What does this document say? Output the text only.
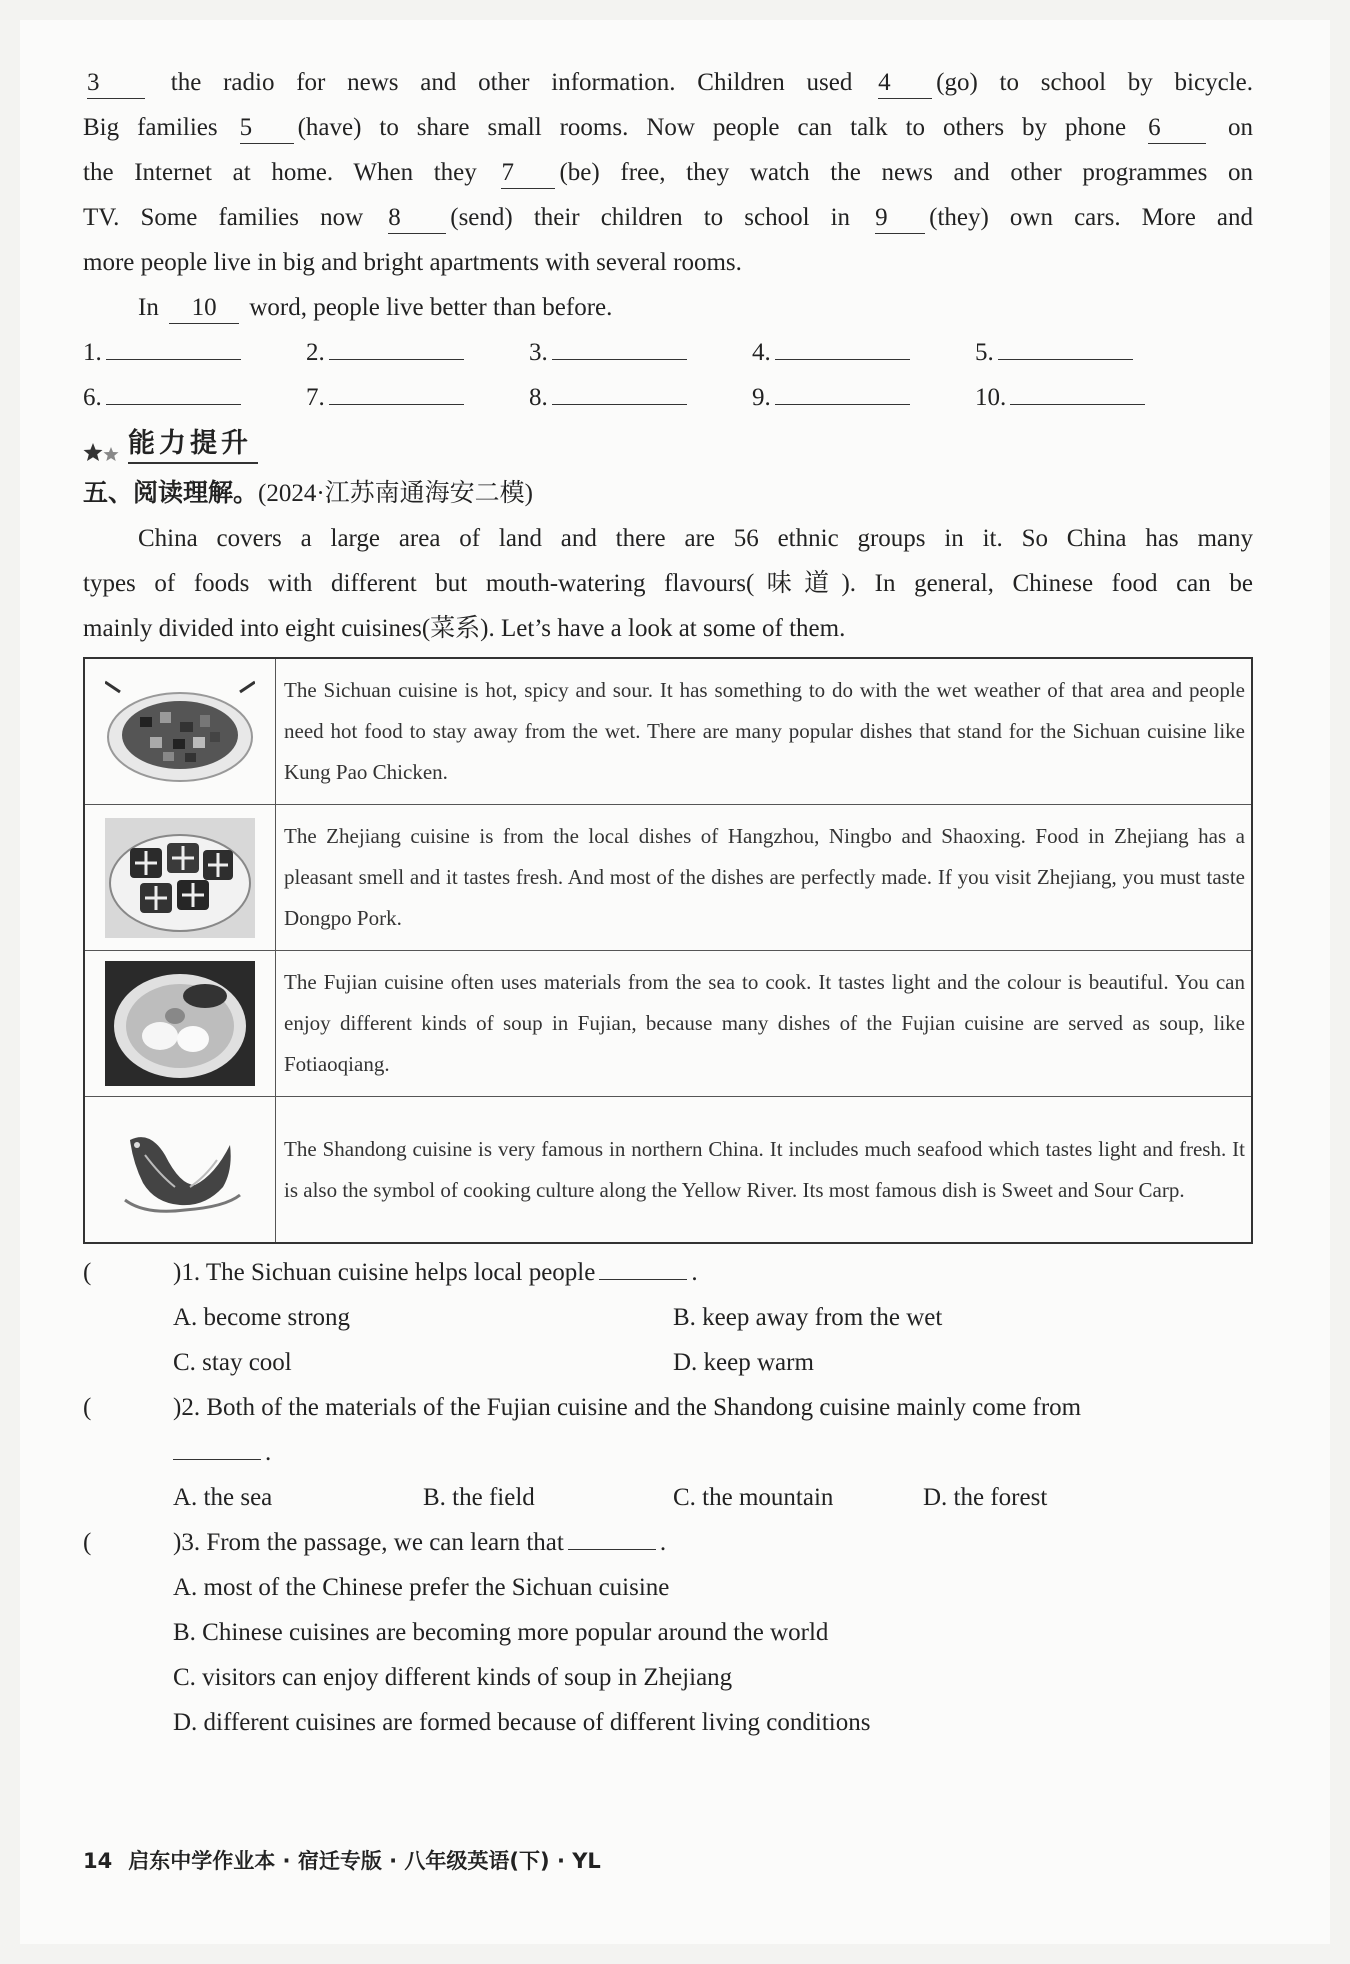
3	the radio for news and other information. Children used 4 (go) to school by bicycle.
Big families 5 (have) to share small rooms. Now people can talk to others by phone 6	on
the Internet at home. When they 7 (be) free, they watch the news and other programmes on
TV. Some families now 8 (send) their children to school in 9 (they) own cars. More and
more people live in big and bright apartments with several rooms.
In 10 word, people live better than before.
1.	2.	3.	4.	5.
6.	7.	8.	9.	10.
能力提升
五、阅读理解。(2024·江苏南通海安二模)
China covers a large area of land and there are 56 ethnic groups in it. So China has many
types of foods with different but mouth-watering flavours(味道). In general, Chinese food can be
mainly divided into eight cuisines(菜系). Let’s have a look at some of them.
	The Sichuan cuisine is hot, spicy and sour. It has something to do with the wet weather of that area and people need hot food to stay away from the wet. There are many popular dishes that stand for the Sichuan cuisine like Kung Pao Chicken.

	The Zhejiang cuisine is from the local dishes of Hangzhou, Ningbo and Shaoxing. Food in Zhejiang has a pleasant smell and it tastes fresh. And most of the dishes are perfectly made. If you visit Zhejiang, you must taste Dongpo Pork.

	The Fujian cuisine often uses materials from the sea to cook. It tastes light and the colour is beautiful. You can enjoy different kinds of soup in Fujian, because many dishes of the Fujian cuisine are served as soup, like Fotiaoqiang.

	The Shandong cuisine is very famous in northern China. It includes much seafood which tastes light and fresh. It is also the symbol of cooking culture along the Yellow River. Its most famous dish is Sweet and Sour Carp.
(	)1. The Sichuan cuisine helps local people	.
A. become strong	B. keep away from the wet
C. stay cool	D. keep warm
(	)2. Both of the materials of the Fujian cuisine and the Shandong cuisine mainly come from
.
A. the sea	B. the field	C. the mountain	D. the forest
(	)3. From the passage, we can learn that	.
A. most of the Chinese prefer the Sichuan cuisine
B. Chinese cuisines are becoming more popular around the world
C. visitors can enjoy different kinds of soup in Zhejiang
D. different cuisines are formed because of different living conditions
14 启东中学作业本 · 宿迁专版 · 八年级英语(下) · YL
